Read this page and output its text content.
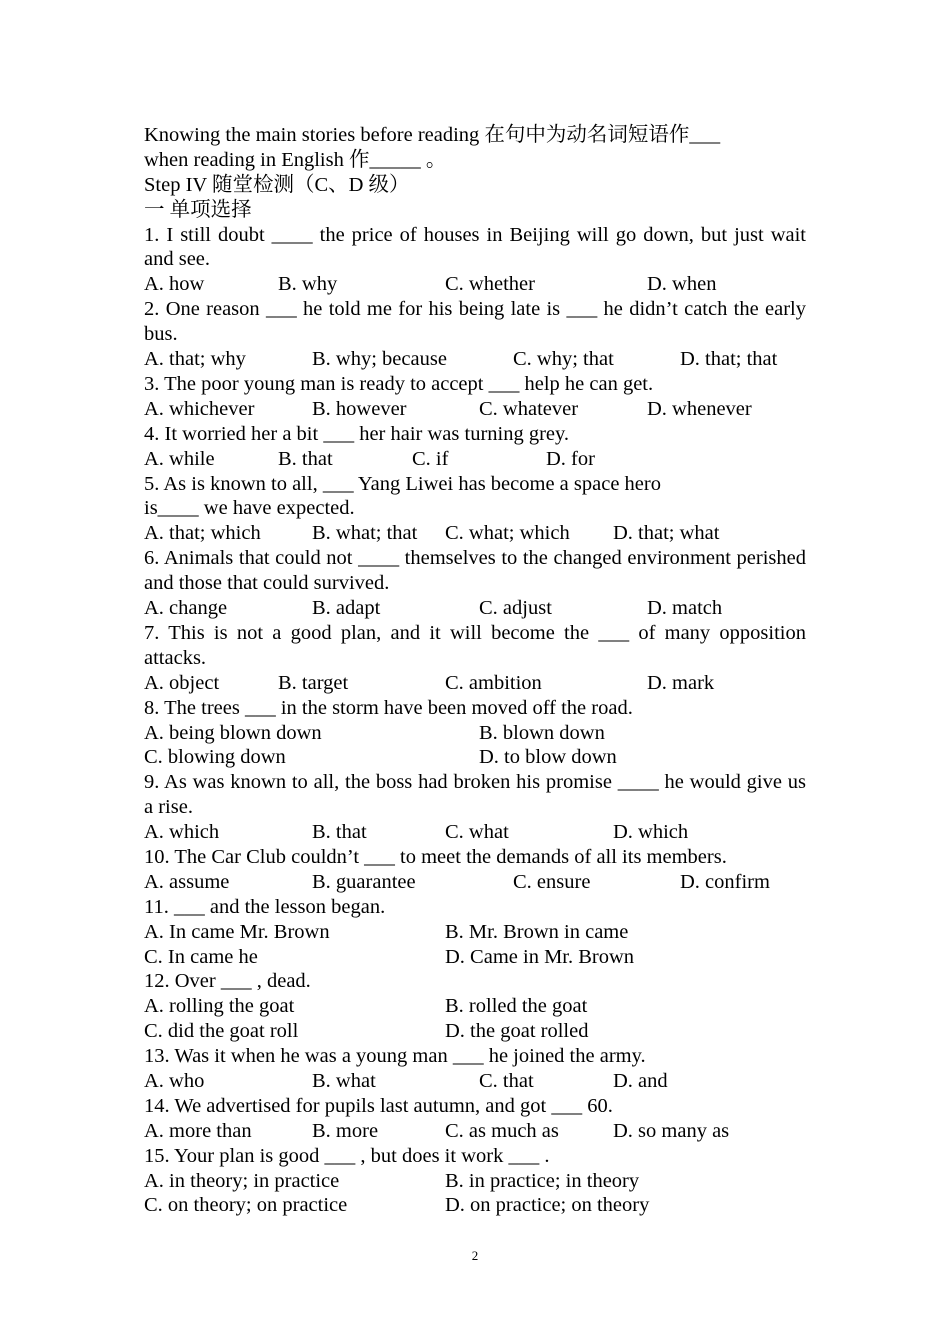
Knowing the main stories before reading 在句中为动名词短语作___
when reading in English 作_____ 。
Step IV 随堂检测（C、D 级）
一 单项选择
1. I still doubt ____ the price of houses in Beijing will go down, but just wait and see.
A. how	B. why	C. whether	D. when
2. One reason ___ he told me for his being late is ___ he didn’t catch the early bus.
A. that; why	B. why; because	C. why; that	D. that; that
3. The poor young man is ready to accept ___ help he can get.
A. whichever	B. however	C. whatever	D. whenever
4. It worried her a bit ___ her hair was turning grey.
A. while	B. that	C. if	D. for
5. As is known to all, ___ Yang Liwei has become a space hero
is____ we have expected.
A. that; which	B. what; that C. what; which D. that; what
6. Animals that could not ____ themselves to the changed environment perished and those that could survived.
A. change	B. adapt	C. adjust	D. match
7. This is not a good plan, and it will become the ___ of many opposition attacks.
A. object	B. target	C. ambition	D. mark
8. The trees ___ in the storm have been moved off the road.
A. being blown down	B. blown down
C. blowing down	D. to blow down
9. As was known to all, the boss had broken his promise ____ he would give us a rise.
A. which	B. that	C. what	D. which
10. The Car Club couldn’t ___ to meet the demands of all its members.
A. assume	B. guarantee	C. ensure	D. confirm
11. ___ and the lesson began.
A. In came Mr. Brown	B. Mr. Brown in came
C. In came he	D. Came in Mr. Brown
12. Over ___ , dead.
A. rolling the goat	B. rolled the goat
C. did the goat roll	D. the goat rolled
13. Was it when he was a young man ___ he joined the army.
A. who	B. what	C. that	D. and
14. We advertised for pupils last autumn, and got ___ 60.
A. more than	B. more	C. as much as	D. so many as
15. Your plan is good ___ , but does it work ___ .
A. in theory; in practice	B. in practice; in theory
C. on theory; on practice	D. on practice; on theory
2
